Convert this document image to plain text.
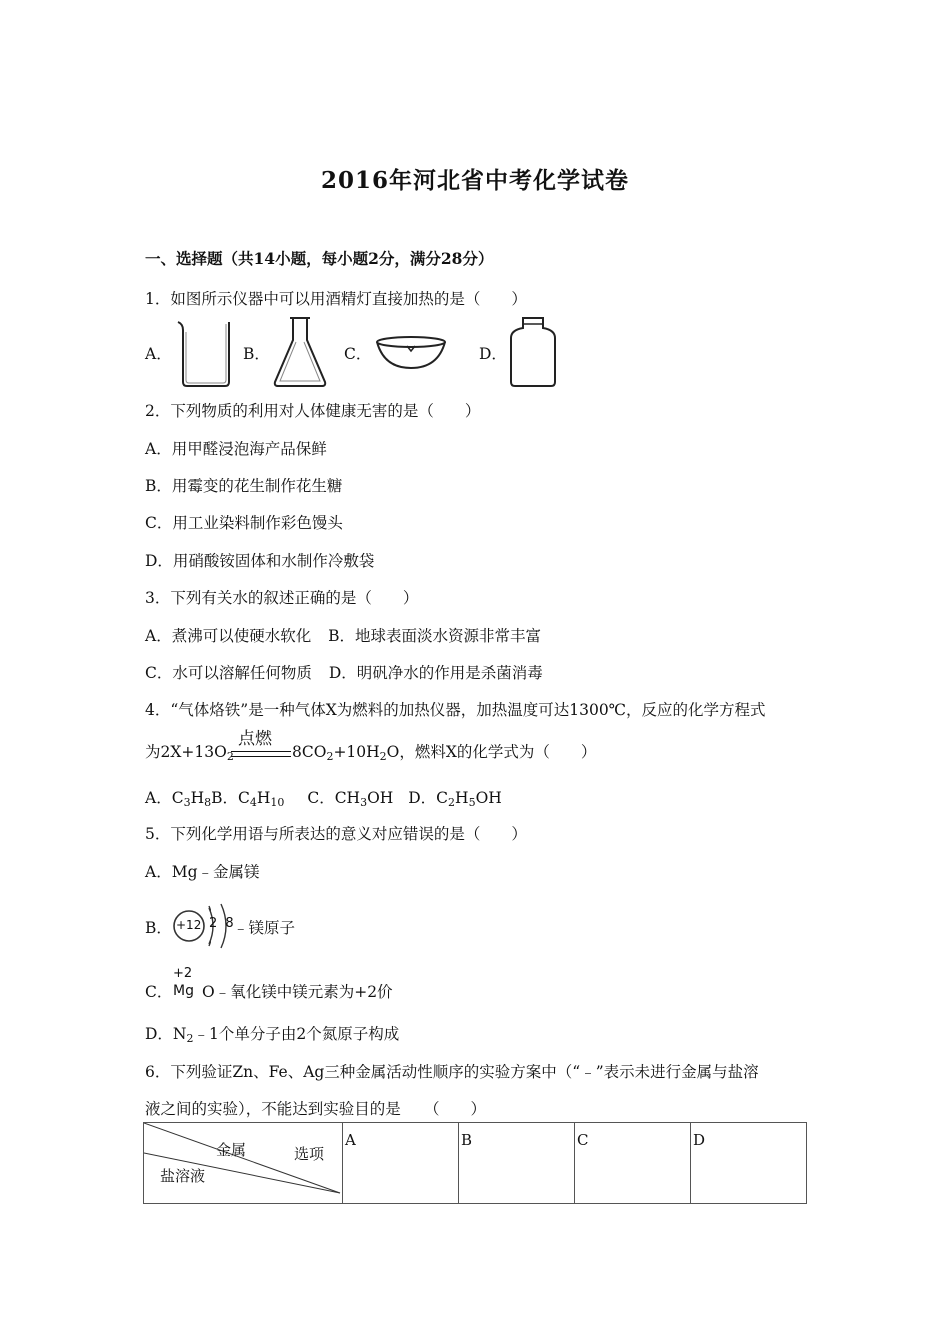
2016年河北省中考化学试卷
一、选择题（共14小题，每小题2分，满分28分）
1．如图所示仪器中可以用酒精灯直接加热的是（　　）
A．	B．	C．	D．
2．下列物质的利用对人体健康无害的是（　　）
A．用甲醛浸泡海产品保鲜
B．用霉变的花生制作花生糖
C．用工业染料制作彩色馒头
D．用硝酸铵固体和水制作冷敷袋
3．下列有关水的叙述正确的是（　　）
A．煮沸可以使硬水软化 B．地球表面淡水资源非常丰富
C．水可以溶解任何物质 D．明矾净水的作用是杀菌消毒
4．“气体烙铁”是一种气体X为燃料的加热仪器，加热温度可达1300℃，反应的化学方程式
为$2X+13O_2$
点燃
$8CO_2+10H_2O$，燃料X的化学式为（　　）
A．$C_3H_8B$．$C_4H_{10}$ C．$CH_3OH$ D．$C_2H_5OH$
5．下列化学用语与所表达的意义对应错误的是（　　）
A．Mg﹣金属镁
B． +12 2 8
﹣镁原子
C．
+2
Mg O﹣氧化镁中镁元素为+2价
D．$N_2﹣1$个单分子由2个氮原子构成
6．下列验证Zn、Fe、Ag三种金属活动性顺序的实验方案中（“﹣”表示未进行金属与盐溶
液之间的实验），不能达到实验目的是　　（　　）
金属	选项
盐溶液
	A	B	C	D
